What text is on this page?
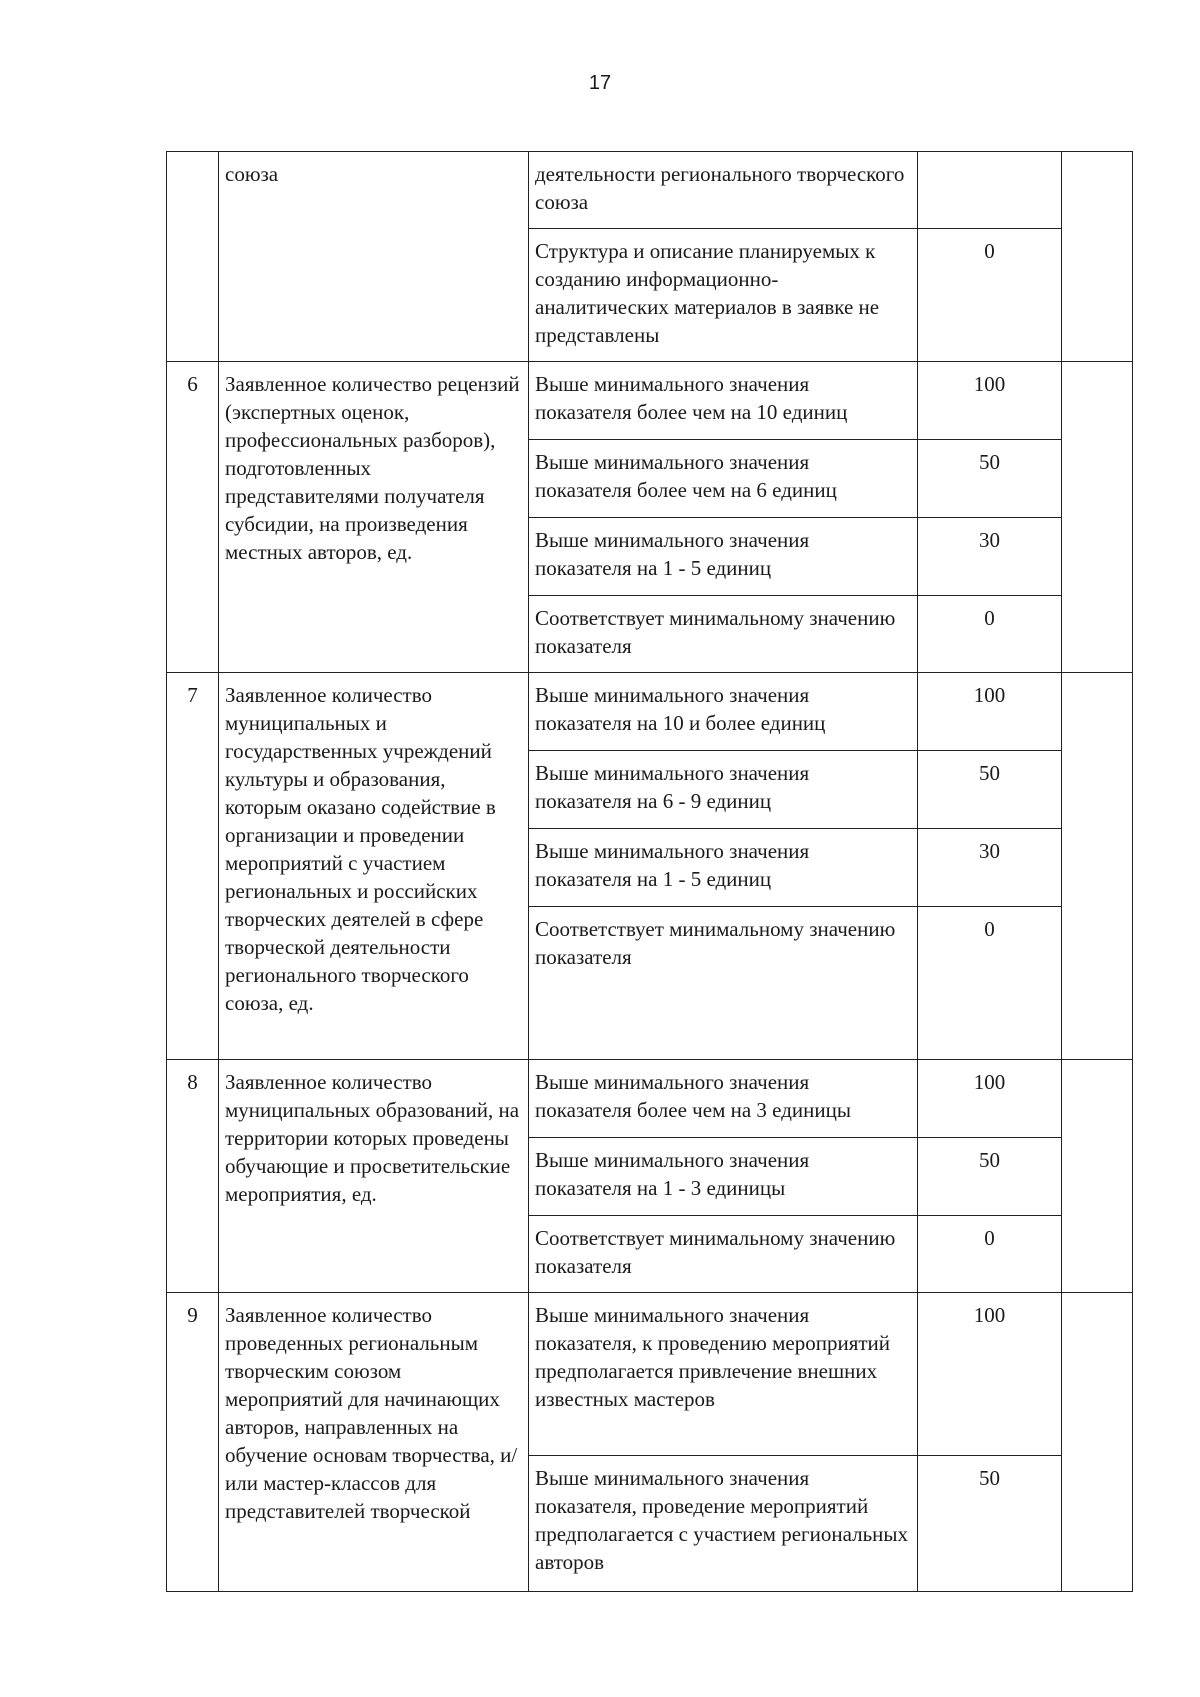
17
	союза	деятельности регионального творческого союза		
		Структура и описание планируемых к созданию информационно-аналитических материалов в заявке не представлены	0	
6	Заявленное количество рецензий (экспертных оценок, профессиональных разборов), подготовленных представителями получателя субсидии, на произведения местных авторов, ед.	Выше минимального значения показателя более чем на 10 единиц	100	
		Выше минимального значения показателя более чем на 6 единиц	50	
		Выше минимального значения показателя на 1 - 5 единиц	30	
		Соответствует минимальному значению показателя	0	
7	Заявленное количество муниципальных и государственных учреждений культуры и образования, которым оказано содействие в организации и проведении мероприятий с участием региональных и российских творческих деятелей в сфере творческой деятельности регионального творческого союза, ед.	Выше минимального значения показателя на 10 и более единиц	100	
		Выше минимального значения показателя на 6 - 9 единиц	50	
		Выше минимального значения показателя на 1 - 5 единиц	30	
		Соответствует минимальному значению показателя	0	
8	Заявленное количество муниципальных образований, на территории которых проведены обучающие и просветительские мероприятия, ед.	Выше минимального значения показателя более чем на 3 единицы	100	
		Выше минимального значения показателя на 1 - 3 единицы	50	
		Соответствует минимальному значению показателя	0	
9	Заявленное количество проведенных региональным творческим союзом мероприятий для начинающих авторов, направленных на обучение основам творчества, и/или мастер-классов для представителей творческой	Выше минимального значения показателя, к проведению мероприятий предполагается привлечение внешних известных мастеров	100	
		Выше минимального значения показателя, проведение мероприятий предполагается с участием региональных авторов	50	
